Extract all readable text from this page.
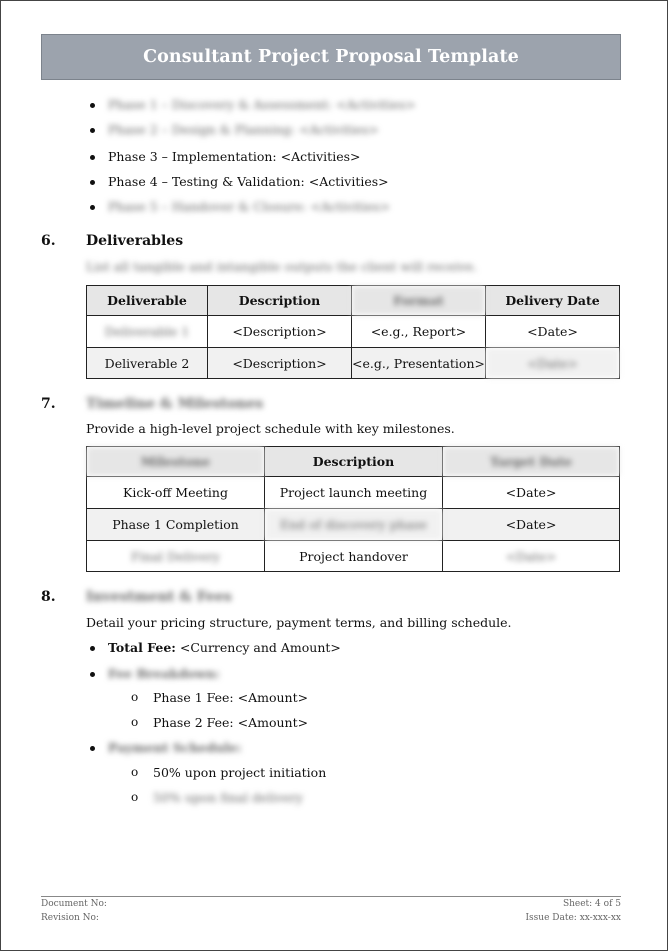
Consultant Project Proposal Template
Phase 1 – Discovery & Assessment: <Activities>
Phase 2 – Design & Planning: <Activities>
Phase 3 – Implementation: <Activities>
Phase 4 – Testing & Validation: <Activities>
Phase 5 – Handover & Closure: <Activities>
6. Deliverables
List all tangible and intangible outputs the client will receive.
Deliverable	Description	Format	Delivery Date
Deliverable 1	<Description>	<e.g., Report>	<Date>
Deliverable 2	<Description>	<e.g., Presentation>	<Date>
7. Timeline & Milestones
Provide a high-level project schedule with key milestones.
Milestone	Description	Target Date
Kick-off Meeting	Project launch meeting	<Date>
Phase 1 Completion	End of discovery phase	<Date>
Final Delivery	Project handover	<Date>
8. Investment & Fees
Detail your pricing structure, payment terms, and billing schedule.
Total Fee: <Currency and Amount>
Fee Breakdown:
o Phase 1 Fee: <Amount>
o Phase 2 Fee: <Amount>
Payment Schedule:
o 50% upon project initiation
o 50% upon final delivery
Document No:
Revision No:
Sheet: 4 of 5
Issue Date: xx-xxx-xx
